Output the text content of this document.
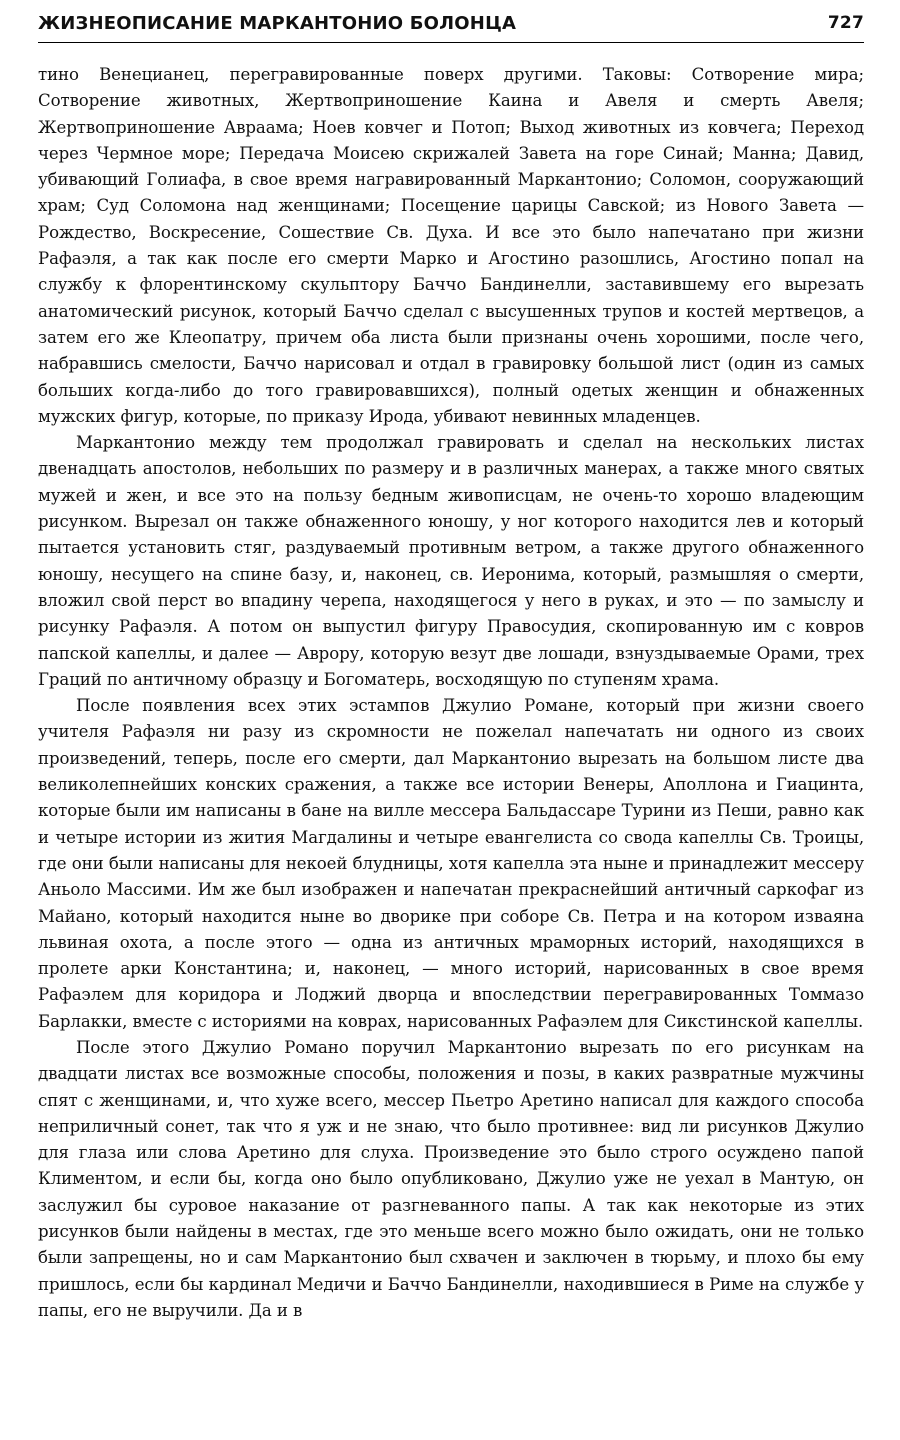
ЖИЗНЕОПИСАНИЕ МАРКАНТОНИО БОЛОНЦА	727

тино Венецианец, перегравированные поверх другими. Таковы: Сотворение мира; Сотворение животных, Жертвоприношение Каина и Авеля и смерть Авеля; Жертвоприношение Авраама; Ноев ковчег и Потоп; Выход животных из ковчега; Переход через Чермное море; Передача Моисею скрижалей Завета на горе Синай; Манна; Давид, убивающий Голиафа, в свое время награвированный Маркантонио; Соломон, сооружающий храм; Суд Соломона над женщинами; Посещение царицы Савской; из Нового Завета — Рождество, Воскресение, Сошествие Св. Духа. И все это было напечатано при жизни Рафаэля, а так как после его смерти Марко и Агостино разошлись, Агостино попал на службу к флорентинскому скульптору Баччо Бандинелли, заставившему его вырезать анатомический рисунок, который Баччо сделал с высушенных трупов и костей мертвецов, а затем его же Клеопатру, причем оба листа были признаны очень хорошими, после чего, набравшись смелости, Баччо нарисовал и отдал в гравировку большой лист (один из самых больших когда-либо до того гравировавшихся), полный одетых женщин и обнаженных мужских фигур, которые, по приказу Ирода, убивают невинных младенцев.

Маркантонио между тем продолжал гравировать и сделал на нескольких листах двенадцать апостолов, небольших по размеру и в различных манерах, а также много святых мужей и жен, и все это на пользу бедным живописцам, не очень-то хорошо владеющим рисунком. Вырезал он также обнаженного юношу, у ног которого находится лев и который пытается установить стяг, раздуваемый противным ветром, а также другого обнаженного юношу, несущего на спине базу, и, наконец, св. Иеронима, который, размышляя о смерти, вложил свой перст во впадину черепа, находящегося у него в руках, и это — по замыслу и рисунку Рафаэля. А потом он выпустил фигуру Правосудия, скопированную им с ковров папской капеллы, и далее — Аврору, которую везут две лошади, взнуздываемые Орами, трех Граций по античному образцу и Богоматерь, восходящую по ступеням храма.

После появления всех этих эстампов Джулио Романе, который при жизни своего учителя Рафаэля ни разу из скромности не пожелал напечатать ни одного из своих произведений, теперь, после его смерти, дал Маркантонио вырезать на большом листе два великолепнейших конских сражения, а также все истории Венеры, Аполлона и Гиацинта, которые были им написаны в бане на вилле мессера Бальдассаре Турини из Пеши, равно как и четыре истории из жития Магдалины и четыре евангелиста со свода капеллы Св. Троицы, где они были написаны для некоей блудницы, хотя капелла эта ныне и принадлежит мессеру Аньоло Массими. Им же был изображен и напечатан прекраснейший античный саркофаг из Майано, который находится ныне во дворике при соборе Св. Петра и на котором изваяна львиная охота, а после этого — одна из античных мраморных историй, находящихся в пролете арки Константина; и, наконец, — много историй, нарисованных в свое время Рафаэлем для коридора и Лоджий дворца и впоследствии перегравированных Томмазо Барлакки, вместе с историями на коврах, нарисованных Рафаэлем для Сикстинской капеллы.

После этого Джулио Романо поручил Маркантонио вырезать по его рисункам на двадцати листах все возможные способы, положения и позы, в каких развратные мужчины спят с женщинами, и, что хуже всего, мессер Пьетро Аретино написал для каждого способа неприличный сонет, так что я уж и не знаю, что было противнее: вид ли рисунков Джулио для глаза или слова Аретино для слуха. Произведение это было строго осуждено папой Климентом, и если бы, когда оно было опубликовано, Джулио уже не уехал в Мантую, он заслужил бы суровое наказание от разгневанного папы. А так как некоторые из этих рисунков были найдены в местах, где это меньше всего можно было ожидать, они не только были запрещены, но и сам Маркантонио был схвачен и заключен в тюрьму, и плохо бы ему пришлось, если бы кардинал Медичи и Баччо Бандинелли, находившиеся в Риме на службе у папы, его не выручили. Да и в
